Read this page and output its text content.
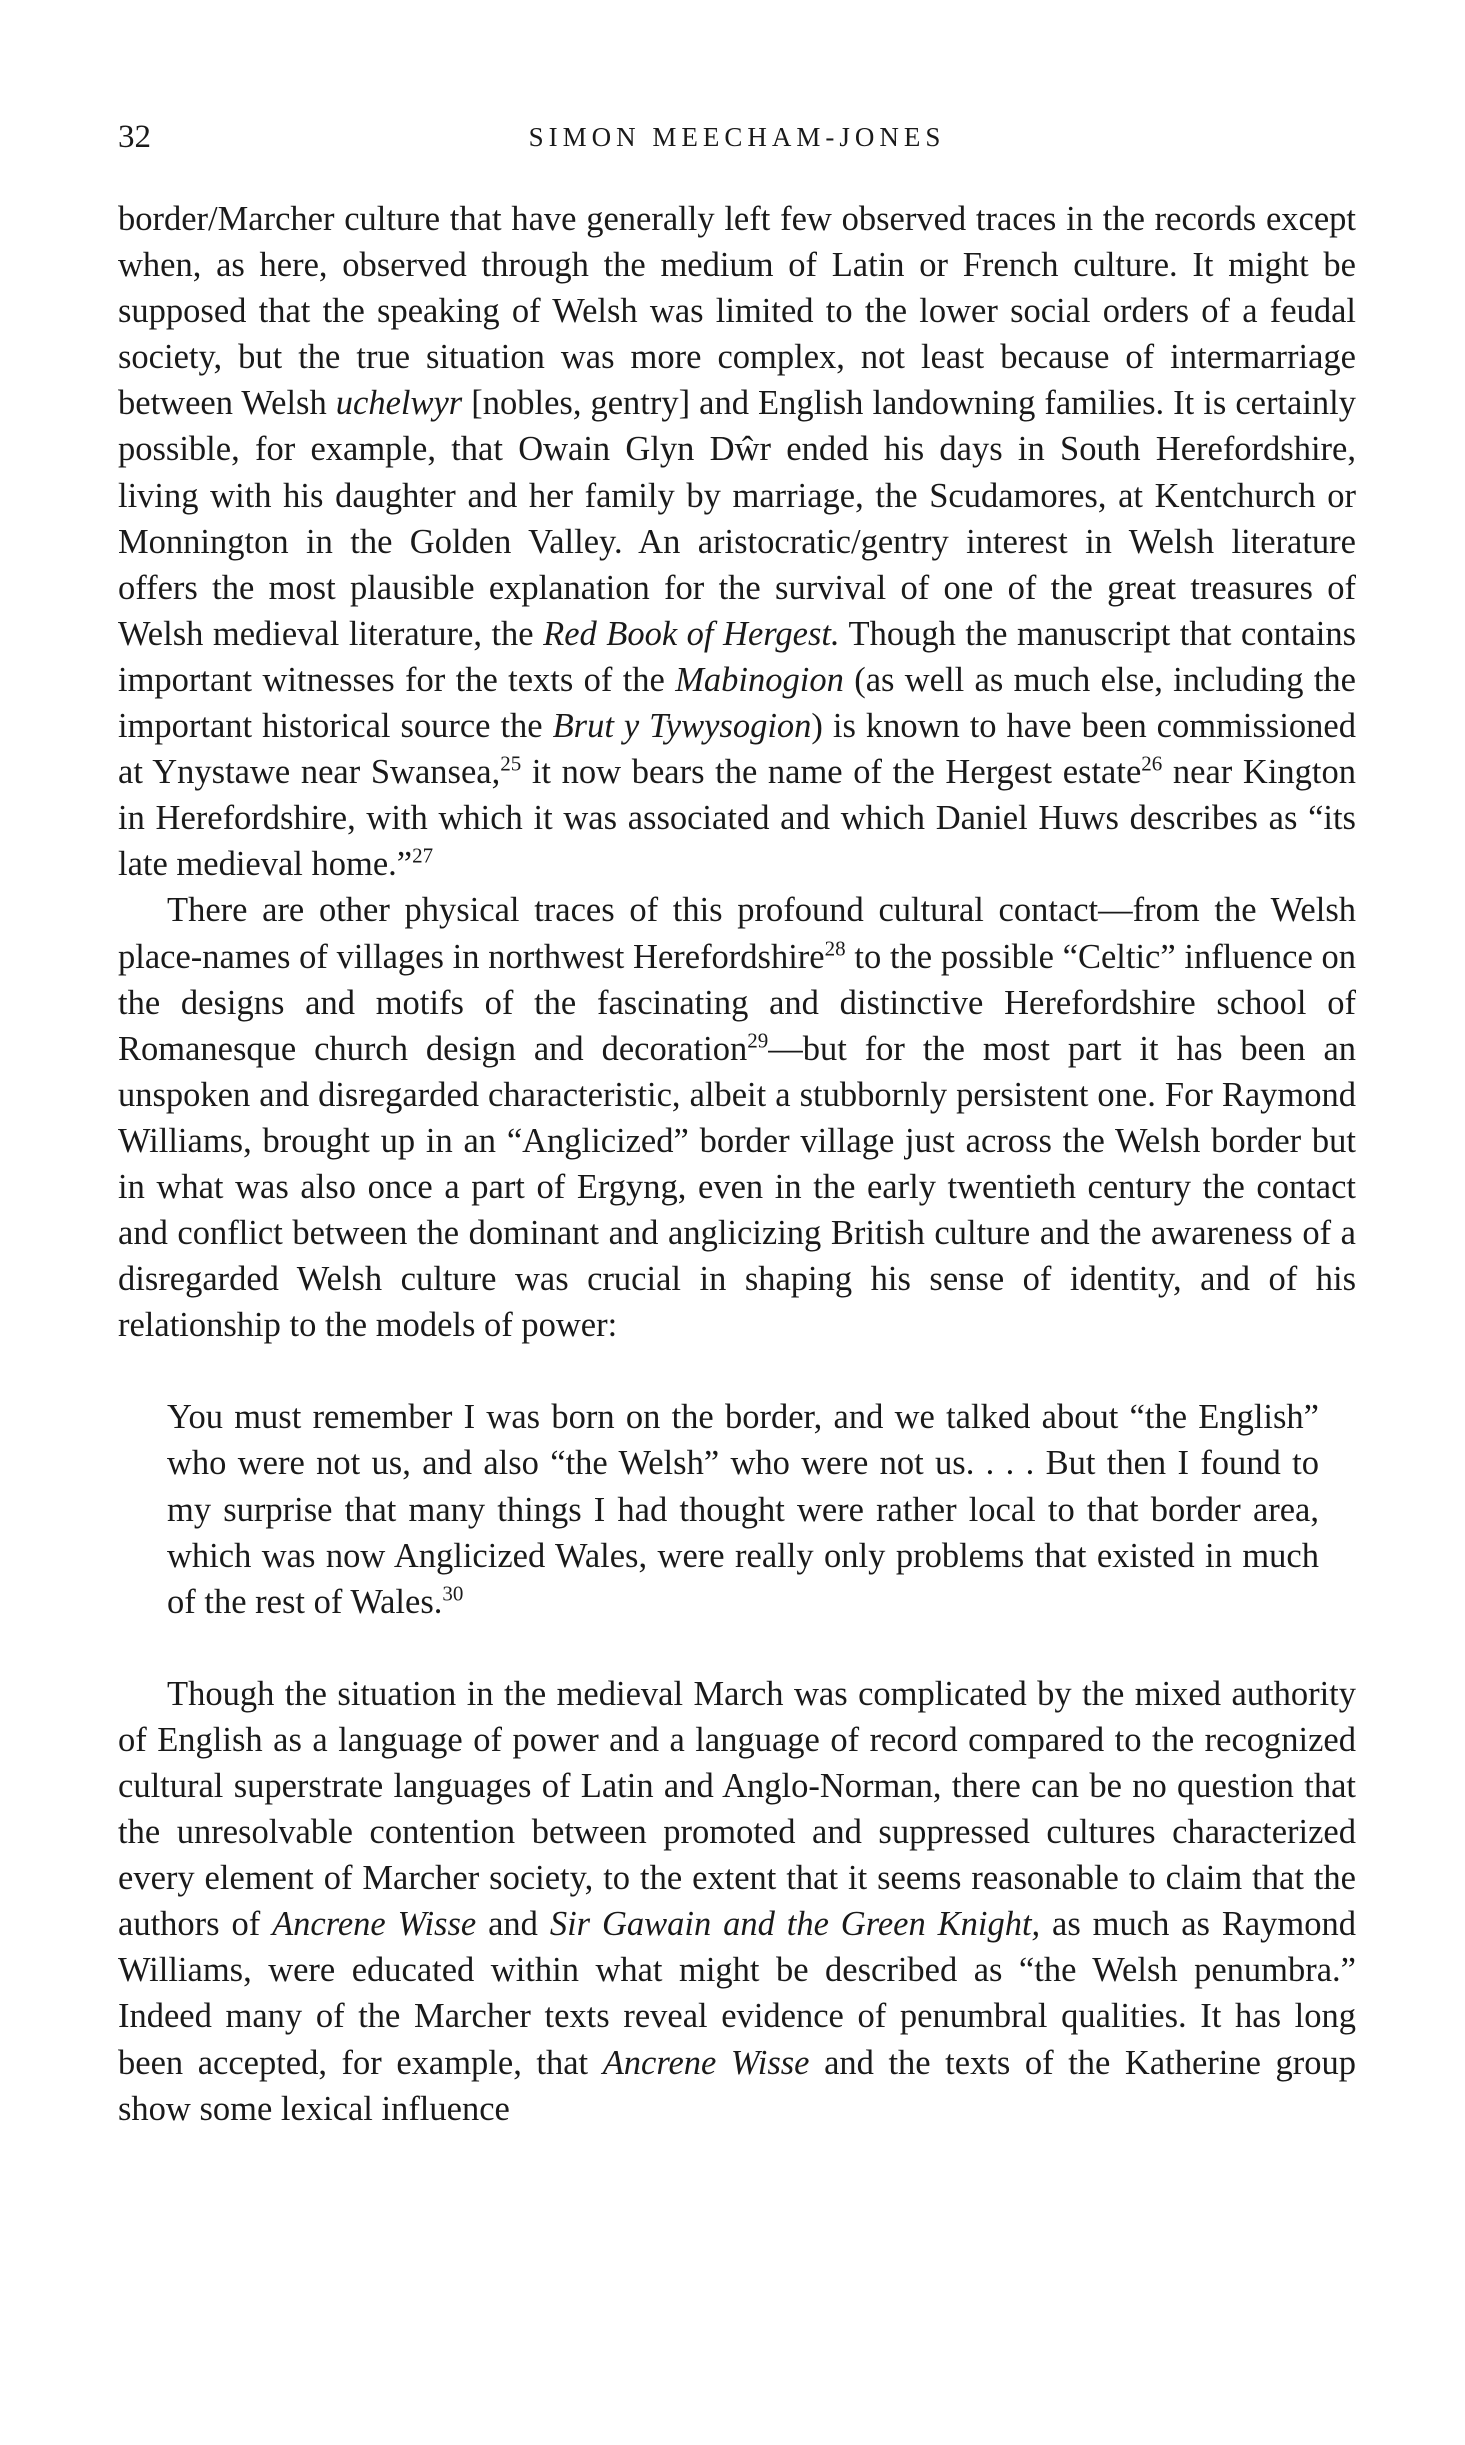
32	SIMON MEECHAM-JONES

border/Marcher culture that have generally left few observed traces in the records except when, as here, observed through the medium of Latin or French culture. It might be supposed that the speaking of Welsh was limited to the lower social orders of a feudal society, but the true situation was more complex, not least because of intermarriage between Welsh uchelwyr [nobles, gentry] and English landowning families. It is certainly possible, for example, that Owain Glyn Dŵr ended his days in South Herefordshire, living with his daughter and her family by marriage, the Scudamores, at Kentchurch or Monnington in the Golden Valley. An aristocratic/gentry interest in Welsh literature offers the most plausible explanation for the survival of one of the great treasures of Welsh medieval literature, the Red Book of Hergest. Though the manuscript that contains important witnesses for the texts of the Mabinogion (as well as much else, including the important historical source the Brut y Tywysogion) is known to have been commissioned at Ynystawe near Swansea,$^{25}$ it now bears the name of the Hergest estate$^{26}$ near Kington in Herefordshire, with which it was associated and which Daniel Huws describes as “its late medieval home.”$^{27}$

There are other physical traces of this profound cultural contact—from the Welsh place-names of villages in northwest Herefordshire$^{28}$ to the possible “Celtic” influence on the designs and motifs of the fascinating and distinctive Herefordshire school of Romanesque church design and decoration$^{29}$—but for the most part it has been an unspoken and disregarded characteristic, albeit a stubbornly persistent one. For Raymond Williams, brought up in an “Anglicized” border village just across the Welsh border but in what was also once a part of Ergyng, even in the early twentieth century the contact and conflict between the dominant and anglicizing British culture and the awareness of a disregarded Welsh culture was crucial in shaping his sense of identity, and of his relationship to the models of power:

You must remember I was born on the border, and we talked about “the English” who were not us, and also “the Welsh” who were not us. . . . But then I found to my surprise that many things I had thought were rather local to that border area, which was now Anglicized Wales, were really only problems that existed in much of the rest of Wales.$^{30}$

Though the situation in the medieval March was complicated by the mixed authority of English as a language of power and a language of record compared to the recognized cultural superstrate languages of Latin and Anglo-Norman, there can be no question that the unresolvable contention between promoted and suppressed cultures characterized every element of Marcher society, to the extent that it seems reasonable to claim that the authors of Ancrene Wisse and Sir Gawain and the Green Knight, as much as Raymond Williams, were educated within what might be described as “the Welsh penumbra.” Indeed many of the Marcher texts reveal evidence of penumbral qualities. It has long been accepted, for example, that Ancrene Wisse and the texts of the Katherine group show some lexical influence
